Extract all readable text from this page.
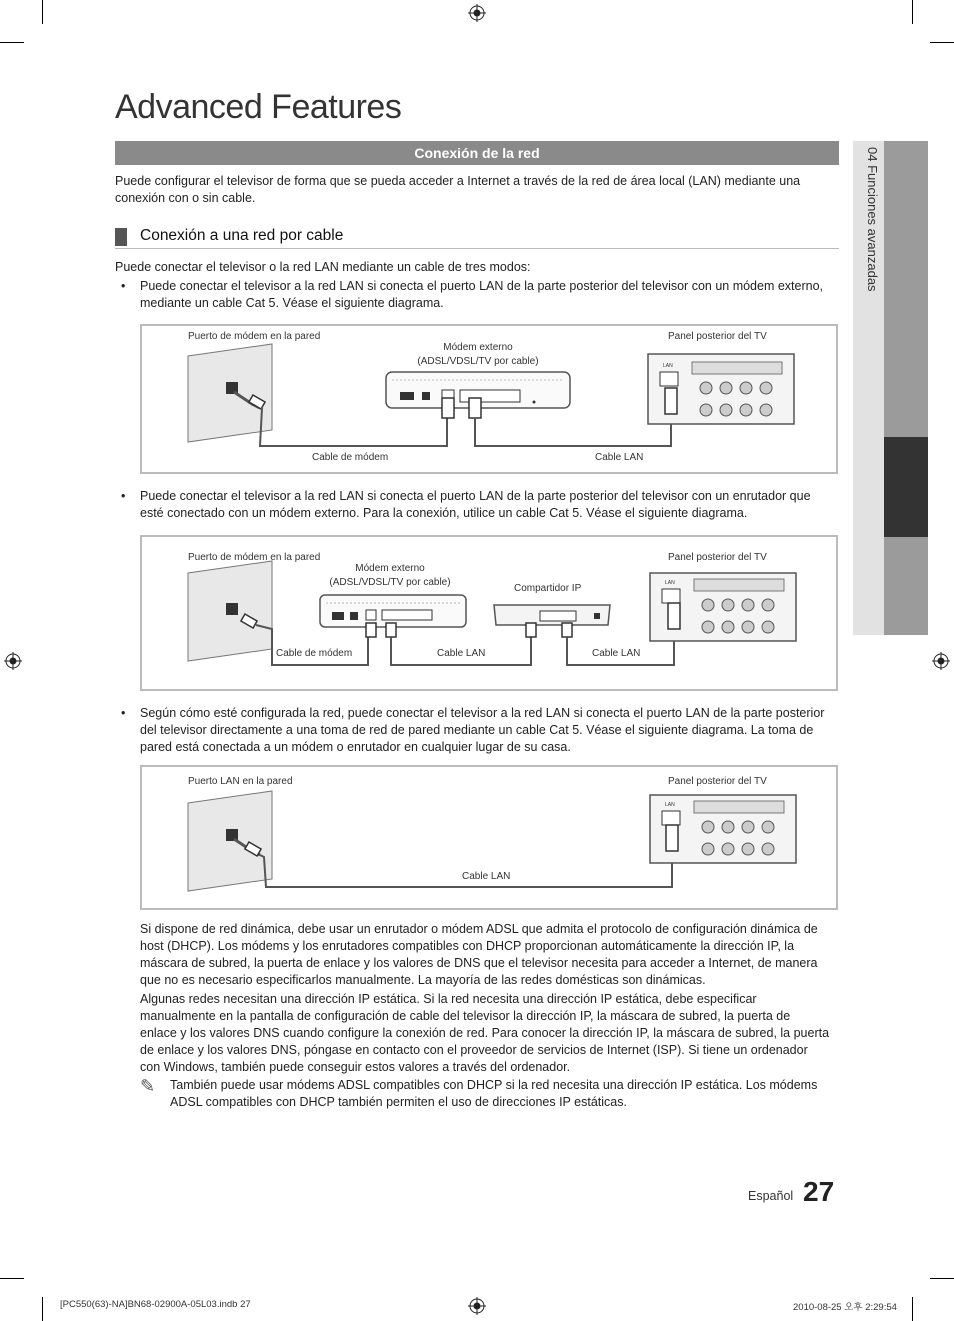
Advanced Features
Conexión de la red
Puede configurar el televisor de forma que se pueda acceder a Internet a través de la red de área local (LAN) mediante una conexión con o sin cable.
Conexión a una red por cable
Puede conectar el televisor o la red LAN mediante un cable de tres modos:
• Puede conectar el televisor a la red LAN si conecta el puerto LAN de la parte posterior del televisor con un módem externo, mediante un cable Cat 5. Véase el siguiente diagrama.
LAN
Puerto de módem en la pared
Módem externo
(ADSL/VDSL/TV por cable)
Panel posterior del TV
Cable de módem	Cable LAN
• Puede conectar el televisor a la red LAN si conecta el puerto LAN de la parte posterior del televisor con un enrutador que esté conectado con un módem externo. Para la conexión, utilice un cable Cat 5. Véase el siguiente diagrama.
LAN
Puerto de módem en la pared
Módem externo
(ADSL/VDSL/TV por cable)
Compartidor IP
Panel posterior del TV
Cable de módem	Cable LAN	Cable LAN
• Según cómo esté configurada la red, puede conectar el televisor a la red LAN si conecta el puerto LAN de la parte posterior del televisor directamente a una toma de red de pared mediante un cable Cat 5. Véase el siguiente diagrama. La toma de pared está conectada a un módem o enrutador en cualquier lugar de su casa.
LAN
Puerto LAN en la pared	Panel posterior del TV
Cable LAN
Si dispone de red dinámica, debe usar un enrutador o módem ADSL que admita el protocolo de configuración dinámica de host (DHCP). Los módems y los enrutadores compatibles con DHCP proporcionan automáticamente la dirección IP, la máscara de subred, la puerta de enlace y los valores de DNS que el televisor necesita para acceder a Internet, de manera que no es necesario especificarlos manualmente. La mayoría de las redes domésticas son dinámicas.
Algunas redes necesitan una dirección IP estática. Si la red necesita una dirección IP estática, debe especificar manualmente en la pantalla de configuración de cable del televisor la dirección IP, la máscara de subred, la puerta de enlace y los valores DNS cuando configure la conexión de red. Para conocer la dirección IP, la máscara de subred, la puerta de enlace y los valores DNS, póngase en contacto con el proveedor de servicios de Internet (ISP). Si tiene un ordenador con Windows, también puede conseguir estos valores a través del ordenador.
✎ También puede usar módems ADSL compatibles con DHCP si la red necesita una dirección IP estática. Los módems ADSL compatibles con DHCP también permiten el uso de direcciones IP estáticas.
04 Funciones avanzadas
Español 27
[PC550(63)-NA]BN68-02900A-05L03.indb 27	2010-08-25 오후 2:29:54
